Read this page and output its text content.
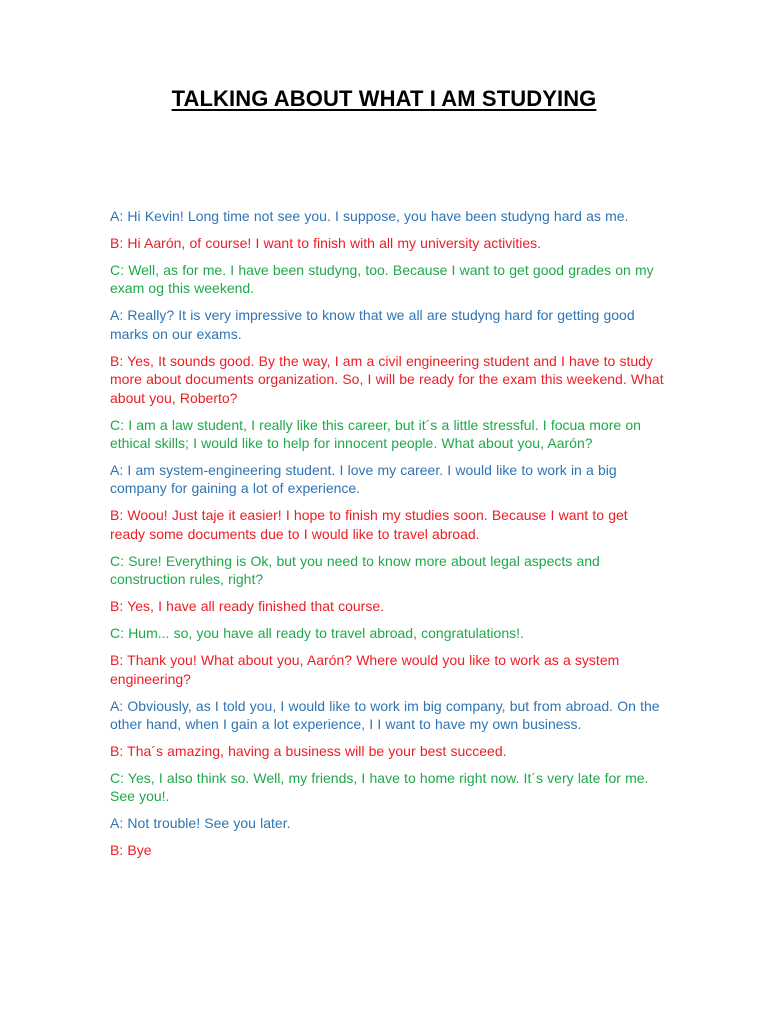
TALKING ABOUT WHAT I AM STUDYING

A: Hi Kevin! Long time not see you. I suppose, you have been studyng hard as me.

B: Hi Aarón, of course! I want to finish with all my university activities.

C: Well, as for me. I have been studyng, too. Because I want to get good grades on my exam og this weekend.

A: Really? It is very impressive to know that we all are studyng hard for getting good marks on our exams.

B: Yes, It sounds good. By the way, I am a civil engineering student and I have to study more about documents organization. So, I will be ready for the exam this weekend. What about you, Roberto?

C: I am a law student, I really like this career, but it´s a little stressful. I focua more on ethical skills; I would like to help for innocent people. What about you, Aarón?

A: I am system-engineering student. I love my career. I would like to work in a big company for gaining a lot of experience.

B: Woou! Just taje it easier! I hope to finish my studies soon. Because I want to get ready some documents due to I would like to travel abroad.

C: Sure! Everything is Ok, but you need to know more about legal aspects and construction rules, right?

B: Yes, I have all ready finished that course.

C: Hum... so, you have all ready to travel abroad, congratulations!.

B: Thank you! What about you, Aarón? Where would you like to work as a system engineering?

A: Obviously, as I told you, I would like to work im big company, but from abroad. On the other hand, when I gain a lot experience, I I want to have my own business.

B: Tha´s amazing, having a business will be your best succeed.

C: Yes, I also think so. Well, my friends, I have to home right now. It´s very late for me. See you!.

A: Not trouble! See you later.

B: Bye
